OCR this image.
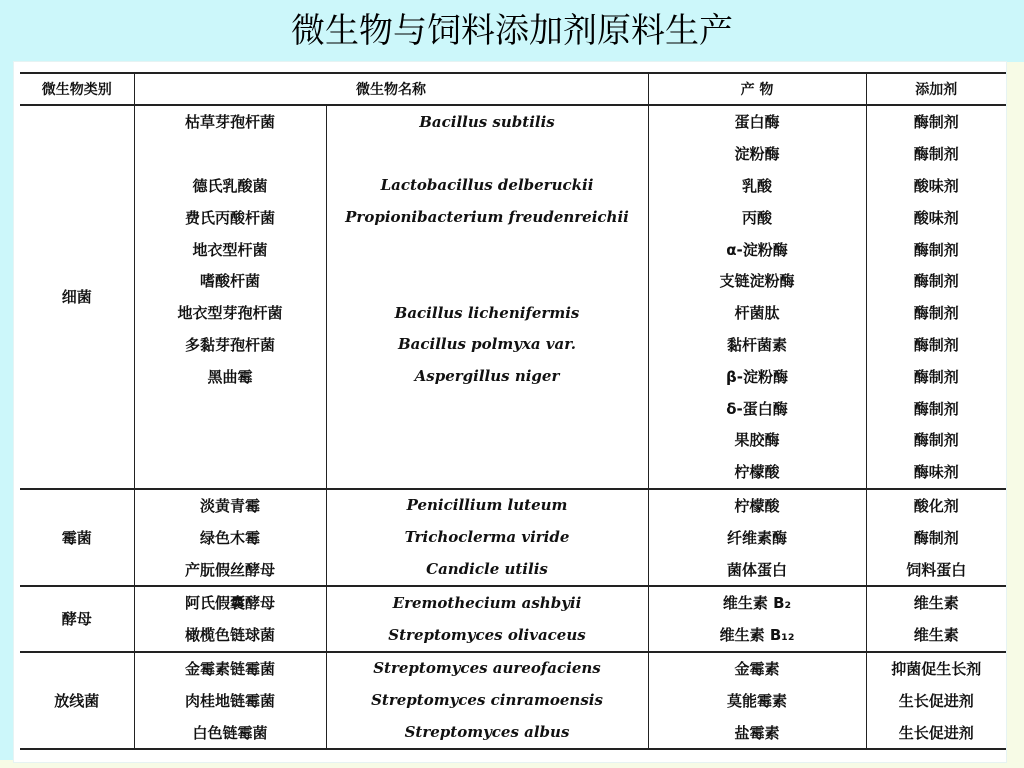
微生物与饲料添加剂原料生产
微生物类别	微生物名称		产 物	添加剂
细菌	枯草芽孢杆菌	Bacillus subtilis	蛋白酶	酶制剂
			淀粉酶	酶制剂
	德氏乳酸菌	Lactobacillus delberuckii	乳酸	酸味剂
	费氏丙酸杆菌	Propionibacterium freudenreichii	丙酸	酸味剂
	地衣型杆菌		α-淀粉酶	酶制剂
	嗜酸杆菌		支链淀粉酶	酶制剂
	地衣型芽孢杆菌	Bacillus lichenifermis	杆菌肽	酶制剂
	多黏芽孢杆菌	Bacillus polmyxa var.	黏杆菌素	酶制剂
	黑曲霉	Aspergillus niger	β-淀粉酶	酶制剂
			δ-蛋白酶	酶制剂
			果胶酶	酶制剂
			柠檬酸	酶味剂
霉菌	淡黄青霉	Penicillium luteum	柠檬酸	酸化剂
	绿色木霉	Trichoclerma viride	纤维素酶	酶制剂
	产朊假丝酵母	Candicle utilis	菌体蛋白	饲料蛋白
酵母	阿氏假囊酵母	Eremothecium ashbyii	维生素 B₂	维生素
	橄榄色链球菌	Streptomyces olivaceus	维生素 B₁₂	维生素
放线菌	金霉素链霉菌	Streptomyces aureofaciens	金霉素	抑菌促生长剂
	肉桂地链霉菌	Streptomyces cinramoensis	莫能霉素	生长促进剂
	白色链霉菌	Streptomyces albus	盐霉素	生长促进剂
